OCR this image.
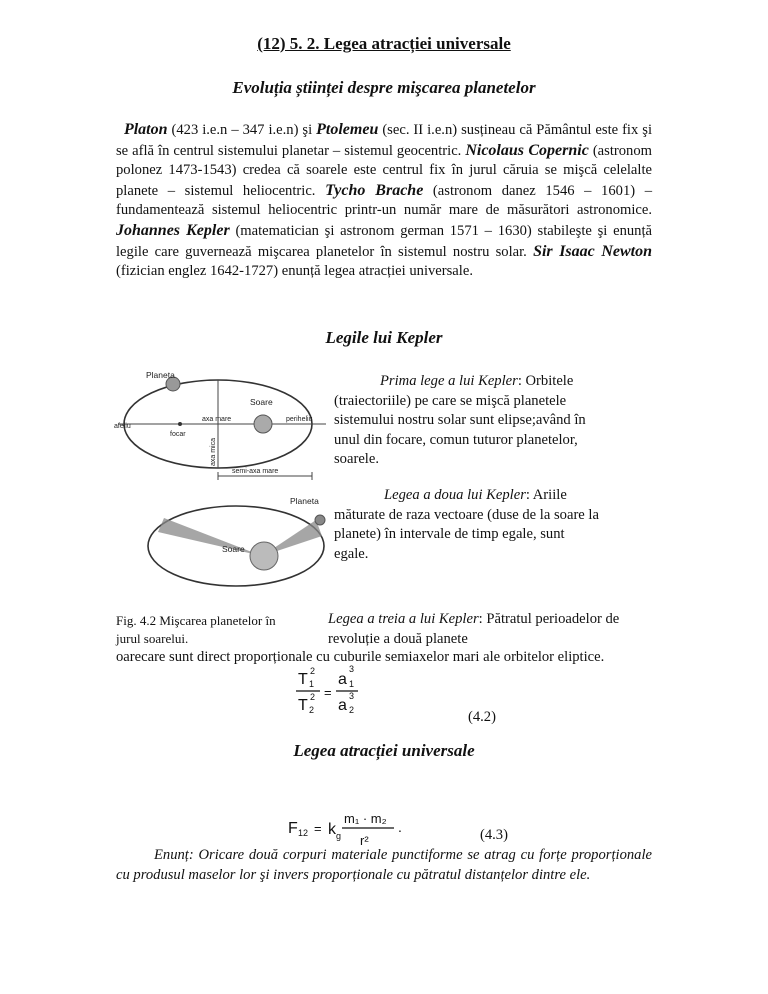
(12) 5. 2. Legea atracției universale
Evoluția științei despre mişcarea planetelor
Platon (423 i.e.n – 347 i.e.n) şi Ptolemeu (sec. II i.e.n) susțineau că Pământul este fix şi se află în centrul sistemului planetar – sistemul geocentric. Nicolaus Copernic (astronom polonez 1473-1543) credea că soarele este centrul fix în jurul căruia se mişcă celelalte planete – sistemul heliocentric. Tycho Brache (astronom danez 1546 – 1601) – fundamentează sistemul heliocentric printr-un număr mare de măsurători astronomice. Johannes Kepler (matematician şi astronom german 1571 – 1630) stabileşte şi enunță legile care guvernează mişcarea planetelor în sistemul nostru solar. Sir Isaac Newton (fizician englez 1642-1727) enunță legea atracției universale.
Legile lui Kepler
Planeta
Soare
afeliu
focar
axa mare
axa mica
periheliu
semi-axa mare
Planeta
Soare
Prima lege a lui Kepler: Orbitele (traiectoriile) pe care se mişcă planetele sistemului nostru solar sunt elipse;având în unul din focare, comun tuturor planetelor, soarele.
Legea a doua lui Kepler: Ariile măturate de raza vectoare (duse de la soare la planete) în intervale de timp egale, sunt egale.
Fig. 4.2 Mişcarea planetelor în
jurul soarelui.
Legea a treia a lui Kepler: Pătratul perioadelor de revoluție a două planete
oarecare sunt direct proporționale cu cuburile semiaxelor mari ale orbitelor eliptice.
T 2
1
T 2
2
=
a
3
1
a
3
2	(4.2)
Legea atracției universale
F 12 = k g
m₁ · m₂
r²
.	(4.3)
Enunț: Oricare două corpuri materiale punctiforme se atrag cu forțe proporționale cu produsul maselor lor şi invers proporționale cu pătratul distanțelor dintre ele.
